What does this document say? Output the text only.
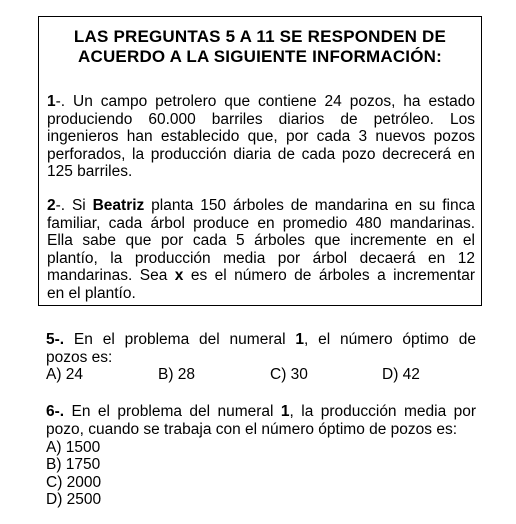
LAS PREGUNTAS 5 A 11 SE RESPONDEN DE
ACUERDO A LA SIGUIENTE INFORMACIÓN:
1-. Un campo petrolero que contiene 24 pozos, ha estado
produciendo 60.000 barriles diarios de petróleo. Los
ingenieros han establecido que, por cada 3 nuevos pozos
perforados, la producción diaria de cada pozo decrecerá en
125 barriles.
2-. Si Beatriz planta 150 árboles de mandarina en su finca
familiar, cada árbol produce en promedio 480 mandarinas.
Ella sabe que por cada 5 árboles que incremente en el
plantío, la producción media por árbol decaerá en 12
mandarinas. Sea x es el número de árboles a incrementar
en el plantío.
5-. En el problema del numeral 1, el número óptimo de
pozos es:
A) 24	B) 28	C) 30	D) 42
6-. En el problema del numeral 1, la producción media por
pozo, cuando se trabaja con el número óptimo de pozos es:
A) 1500
B) 1750
C) 2000
D) 2500
